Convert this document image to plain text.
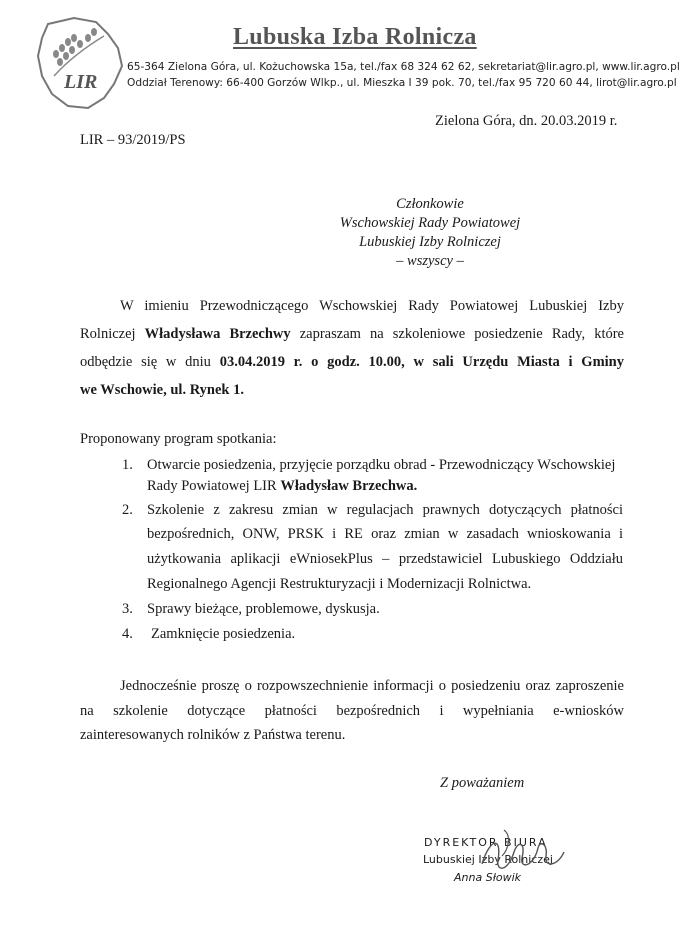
LIR
Lubuska Izba Rolnicza
65-364 Zielona Góra, ul. Kożuchowska 15a, tel./fax 68 324 62 62, sekretariat@lir.agro.pl, www.lir.agro.pl
Oddział Terenowy: 66-400 Gorzów Wlkp., ul. Mieszka I 39 pok. 70, tel./fax 95 720 60 44, lirot@lir.agro.pl
Zielona Góra, dn. 20.03.2019 r.
LIR – 93/2019/PS
Członkowie
Wschowskiej Rady Powiatowej
Lubuskiej Izby Rolniczej
– wszyscy –
W imieniu Przewodniczącego Wschowskiej Rady Powiatowej Lubuskiej Izby
Rolniczej Władysława Brzechwy zapraszam na szkoleniowe posiedzenie Rady, które
odbędzie się w dniu 03.04.2019 r. o godz. 10.00, w sali Urzędu Miasta i Gminy
we Wschowie, ul. Rynek 1.
Proponowany program spotkania:
1. Otwarcie posiedzenia, przyjęcie porządku obrad - Przewodniczący Wschowskiej
Rady Powiatowej LIR Władysław Brzechwa.
2. Szkolenie z zakresu zmian w regulacjach prawnych dotyczących płatności
bezpośrednich, ONW, PRSK i RE oraz zmian w zasadach wnioskowania i
użytkowania aplikacji eWniosekPlus – przedstawiciel Lubuskiego Oddziału
Regionalnego Agencji Restrukturyzacji i Modernizacji Rolnictwa.
3. Sprawy bieżące, problemowe, dyskusja.
4. Zamknięcie posiedzenia.
Jednocześnie proszę o rozpowszechnienie informacji o posiedzeniu oraz zaproszenie
na szkolenie dotyczące płatności bezpośrednich i wypełniania e-wniosków
zainteresowanych rolników z Państwa terenu.
Z poważaniem
DYREKTOR BIURA
Lubuskiej Izby Rolniczej
Anna Słowik
